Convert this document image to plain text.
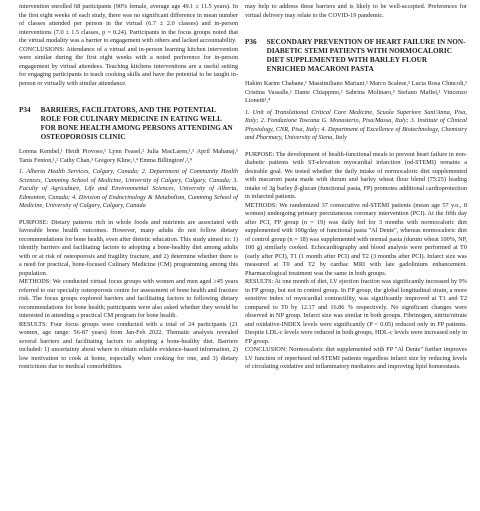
intervention enrolled 68 participants (90% female, average age 49.1 ± 11.5 years). In the first eight weeks of each study, there was no significant difference in mean number of classes attended per person in the virtual (6.7 ± 2.0 classes) and in-person interventions (7.0 ± 1.5 classes, p = 0.24). Participants in the focus groups noted that the virtual modality was a barrier to engagement with others and lacked accountability.

CONCLUSIONS: Attendance of a virtual and in-person learning kitchen intervention were similar during the first eight weeks with a noted preference for in-person engagement by virtual attendees. Teaching kitchens interventions are a useful setting for engaging participants to teach cooking skills and have the potential to be taught in-person or virtually with similar attendance.

P34 BARRIERS, FACILITATORS, AND THE POTENTIAL ROLE FOR CULINARY MEDICINE IN EATING WELL FOR BONE HEALTH AMONG PERSONS ATTENDING AN OSTEOPOROSIS CLINIC
Lorena Kembel,¹ Heidi Piovoso,¹ Lynn Feasel,² Julia MacLaren,¹,² April Mahanaj,¹ Tanis Fenton,¹,² Cathy Chan,³ Gregory Kline,¹,⁴ Emma Billington¹,²,⁴
1. Alberta Health Services, Calgary, Canada; 2. Department of Community Health Sciences, Cumming School of Medicine, University of Calgary, Calgary, Canada; 3. Faculty of Agriculture, Life and Environmental Sciences, University of Alberta, Edmonton, Canada; 4. Division of Endocrinology & Metabolism, Cumming School of Medicine, University of Calgary, Calgary, Canada

PURPOSE: Dietary patterns rich in whole foods and nutrients are associated with favorable bone health outcomes. However, many adults do not follow dietary recommendations for bone health, even after dietetic education. This study aimed to: 1) identify barriers and facilitating factors to adopting a bone-healthy diet among adults with or at risk of osteoporosis and fragility fracture, and 2) determine whether there is a need for practical, bone-focused Culinary Medicine (CM) programming among this population.

METHODS: We conducted virtual focus groups with women and men aged ≥45 years referred to our specialty osteoporosis centre for assessment of bone health and fracture risk. The focus groups explored barriers and facilitating factors to following dietary recommendations for bone health; participants were also asked whether they would be interested in attending a practical CM program for bone health.

RESULTS: Four focus groups were conducted with a total of 24 participants (21 women, age range: 56-87 years) from Jan-Feb 2022. Thematic analysis revealed several barriers and facilitating factors to adopting a bone-healthy diet. Barriers included: 1) uncertainty about where to obtain reliable evidence-based information, 2) low motivation to cook at home, especially when cooking for one, and 3) dietary restrictions due to medical comorbidities.

may help to address these barriers and is likely to be well-accepted. Preferences for virtual delivery may relate to the COVID-19 pandemic.

P36 SECONDARY PREVENTION OF HEART FAILURE IN NON-DIABETIC STEMI PATIENTS WITH NORMOCALORIC DIET SUPPLEMENTED WITH BARLEY FLOUR ENRICHED MACARONI PASTA
Hakim Karim Chabane,¹ Massimiliano Mariani,² Marco Scalese,³ Lucia Rosa Chincoli,¹ Cristina Vassalle,² Dante Chiappino,² Sabrina Molinaro,³ Stefano Maffei,¹ Vincenzo Lionetti¹,⁴
1. Unit of Translational Critical Care Medicine, Scuola Superiore Sant'Anna, Pisa, Italy; 2. Fondazione Toscana G. Monasterio, Pisa/Massa, Italy; 3. Institute of Clinical Physiology, CNR, Pisa, Italy; 4. Department of Excellence of Biotechnology, Chemistry and Pharmacy, University of Siena, Italy

PURPOSE: The development of health-functional meals to prevent heart failure in non-diabetic patients with ST-elevation myocardial infarction (nd-STEMI) remains a desirable goal. We tested whether the daily intake of normocaloric diet supplemented with macaroni pasta made with durum and barley wheat flour blend (75:25) leading intake of 3g barley β-glucan (functional pasta, FP) promotes additional cardioprotection in infarcted patients.

METHODS: We randomized 37 consecutive nd-STEMI patients (mean age 57 y.o., 8 women) undergoing primary percutaneous coronary intervention (PCI). At the fifth day after PCI, FP group (n = 19) was daily fed for 3 months with normocaloric diet supplemented with 100g/day of functional pasta "Al Dente", whereas normocaloric diet of control group (n = 18) was supplemented with normal pasta (durum wheat 100%, NP, 100 g) similarly cooked. Echocardiography and blood analysis were performed at T0 (early after PCI), T1 (1 month after PCI) and T2 (3 months after PCI). Infarct size was measured at T0 and T2 by cardiac MRI with late gadolinium enhancement. Pharmacological treatment was the same in both groups.

RESULTS: At one month of diet, LV ejection fraction was significantly increased by 9% in FP group, but not in control group. In FP group, the global longitudinal strain, a more sensitive index of myocardial contractility, was significantly improved at T1 and T2 compared to T0 by 12.17 and 16.86 % respectively. No significant changes were observed in NP group. Infarct size was similar in both groups. Fibrinogen, nitrite/nitrate and oxidative-INDEX levels were significantly (P < 0.05) reduced only in FP patients. Despite LDL-c levels were reduced in both groups, HDL-c levels were increased only in FP group.

CONCLUSION: Normocaloric diet supplemented with FP "Al Dente" further improves LV function of reperfused nd-STEMI patients regardless infarct size by reducing levels of circulating oxidative and inflammatory mediators and improving lipid homeostasis.
